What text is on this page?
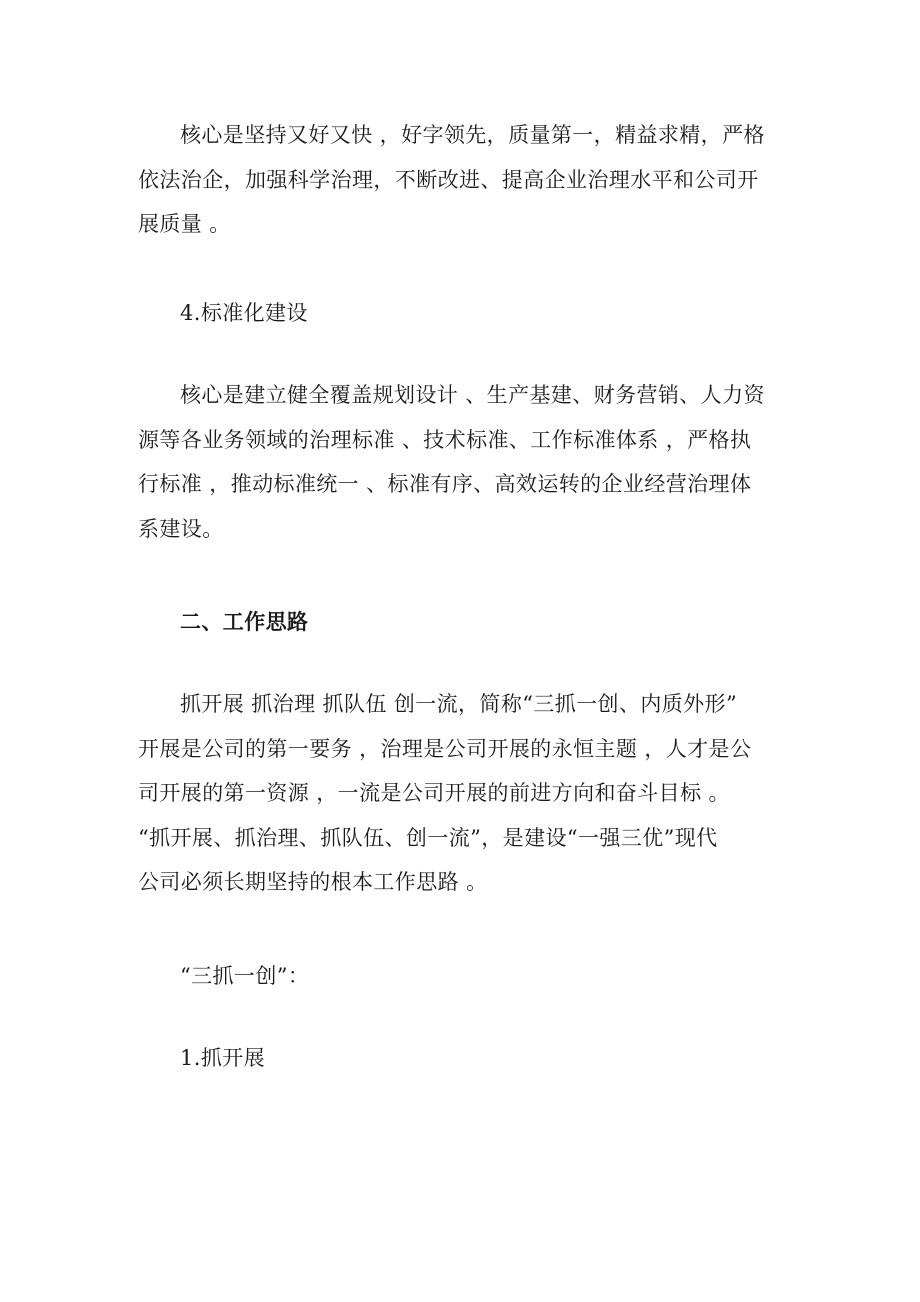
核心是坚持又好又快 ，好字领先，质量第一，精益求精，严格
依法治企，加强科学治理，不断改进、提高企业治理水平和公司开
展质量 。
4.标准化建设
核心是建立健全覆盖规划设计 、生产基建、财务营销、人力资
源等各业务领域的治理标准 、技术标准、工作标准体系 ，严格执
行标准 ，推动标准统一 、标准有序、高效运转的企业经营治理体
系建设。
二、工作思路
抓开展 抓治理 抓队伍 创一流，简称“三抓一创、内质外形”
开展是公司的第一要务 ，治理是公司开展的永恒主题 ，人才是公
司开展的第一资源 ，一流是公司开展的前进方向和奋斗目标 。
“抓开展、抓治理、抓队伍、创一流”，是建设“一强三优”现代
公司必须长期坚持的根本工作思路 。
“三抓一创”：
1.抓开展
